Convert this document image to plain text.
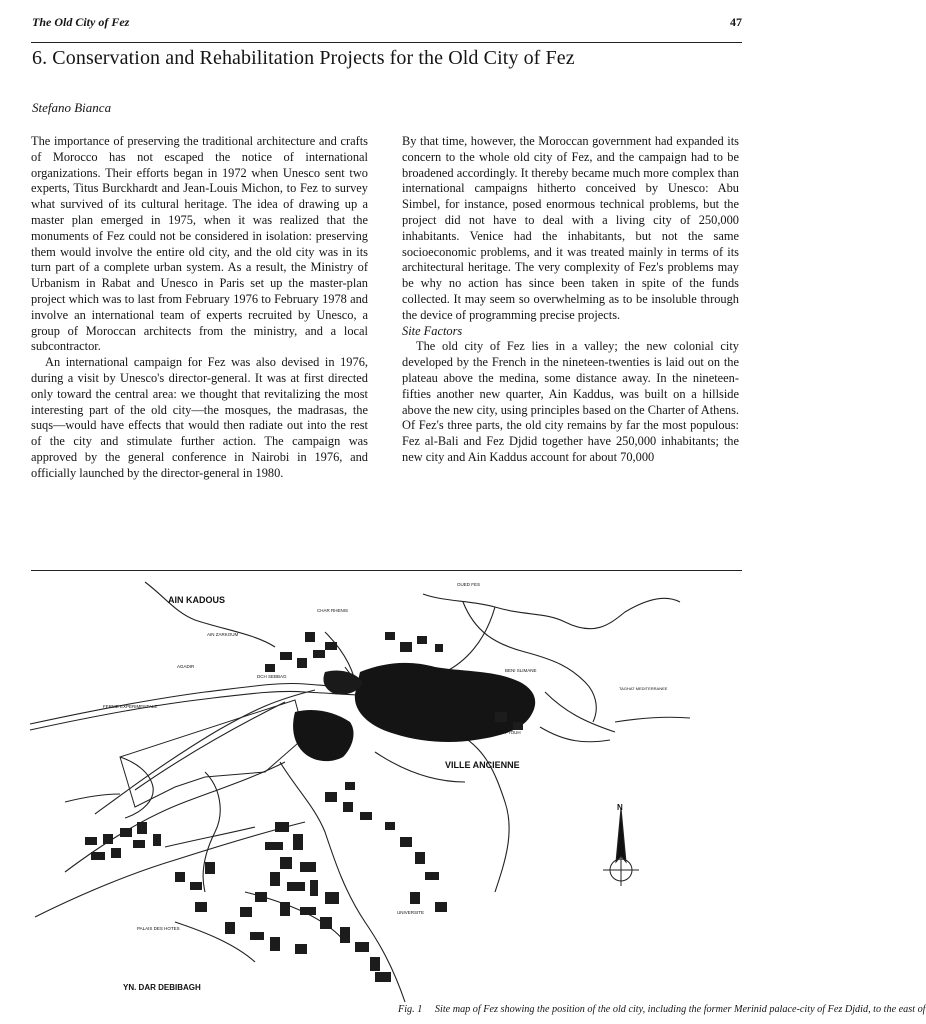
The Old City of Fez	47
6. Conservation and Rehabilitation Projects for the Old City of Fez
Stefano Bianca

The importance of preserving the traditional architecture and crafts of Morocco has not escaped the notice of international organizations. Their efforts began in 1972 when Unesco sent two experts, Titus Burckhardt and Jean-Louis Michon, to Fez to survey what survived of its cultural heritage. The idea of drawing up a master plan emerged in 1975, when it was realized that the monuments of Fez could not be considered in isolation: preserving them would involve the entire old city, and the old city was in its turn part of a complete urban system. As a result, the Ministry of Urbanism in Rabat and Unesco in Paris set up the master-plan project which was to last from February 1976 to February 1978 and involve an international team of experts recruited by Unesco, a group of Moroccan architects from the ministry, and a local subcontractor.

An international campaign for Fez was also devised in 1976, during a visit by Unesco's director-general. It was at first directed only toward the central area: we thought that revitalizing the most interesting part of the old city—the mosques, the madrasas, the suqs—would have effects that would then radiate out into the rest of the city and stimulate further action. The campaign was approved by the general conference in Nairobi in 1976, and officially launched by the director-general in 1980.

By that time, however, the Moroccan government had expanded its concern to the whole old city of Fez, and the campaign had to be broadened accordingly. It thereby became much more complex than international campaigns hitherto conceived by Unesco: Abu Simbel, for instance, posed enormous technical problems, but the project did not have to deal with a living city of 250,000 inhabitants. Venice had the inhabitants, but not the same socioeconomic problems, and it was treated mainly in terms of its architectural heritage. The very complexity of Fez's problems may be why no action has since been taken in spite of the funds collected. It may seem so overwhelming as to be insoluble through the device of programming precise projects.

Site Factors

The old city of Fez lies in a valley; the new colonial city developed by the French in the nineteen-twenties is laid out on the plateau above the medina, some distance away. In the nineteen-fifties another new quarter, Ain Kaddus, was built on a hillside above the new city, using principles based on the Charter of Athens. Of Fez's three parts, the old city remains by far the most populous: Fez al-Bali and Fez Djdid together have 250,000 inhabitants; the new city and Ain Kaddus account for about 70,000

AIN KADOUS
VILLE ANCIENNE
YN. DAR DEBIBAGH
N
OUED FES
PALAIS DES HOTES
UNIVERSITE
TAGHAT MEDITERRANEE
FERME EXPERIMENTALE
BAB FTOUH
AGADIR
CHAR RHENIS
AIN ZARKOUM
DCH SEBBAG
BENI SLIMANE
Fig. 1 Site map of Fez showing the position of the old city, including the former Merinid palace-city of Fez Djdid, to the east of
